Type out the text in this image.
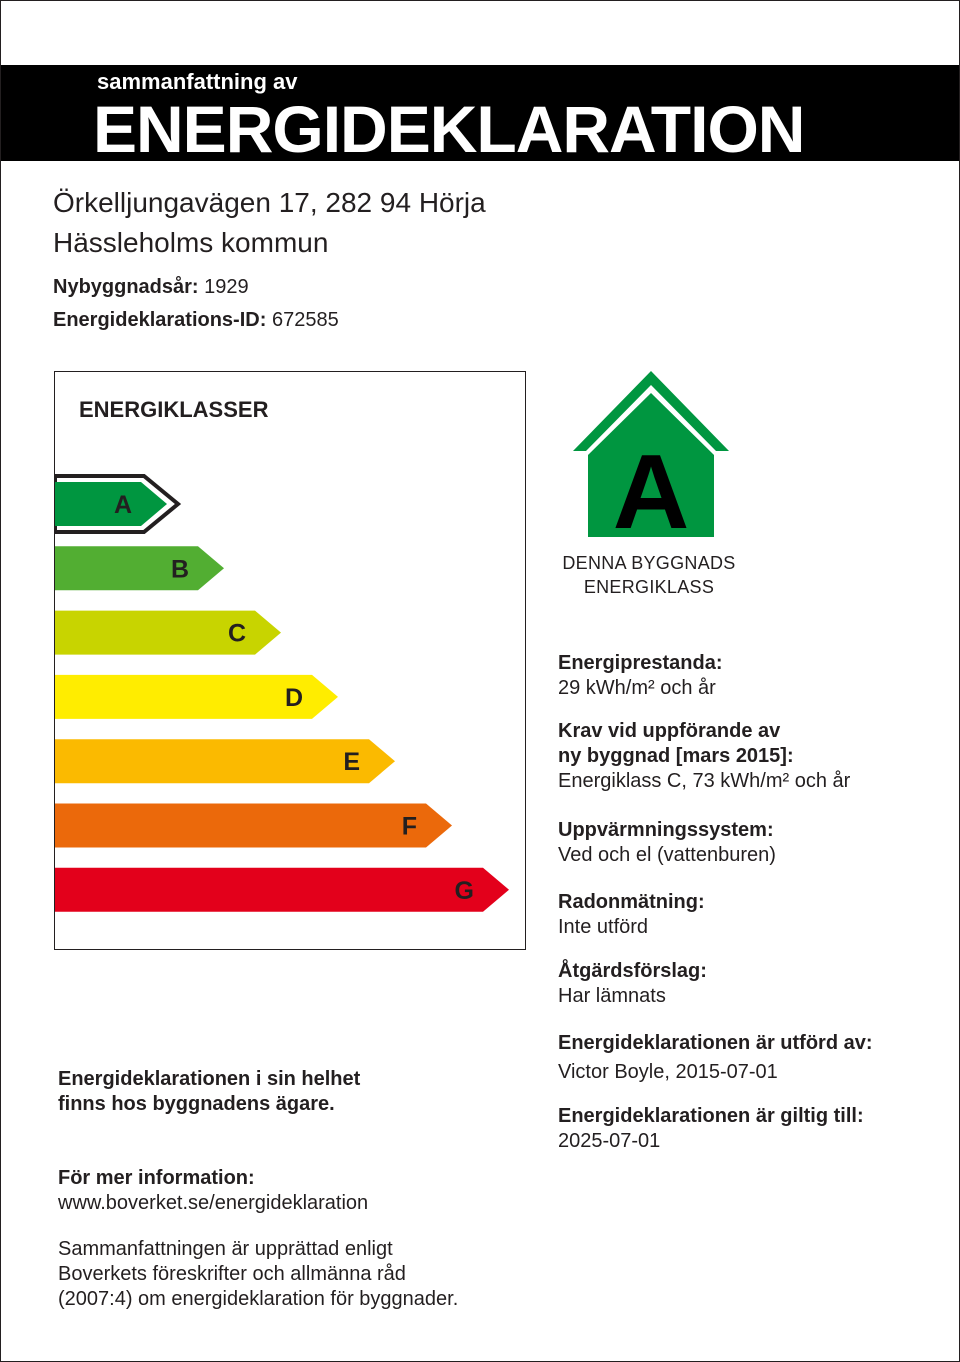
sammanfattning av
ENERGIDEKLARATION
Örkelljungavägen 17, 282 94 Hörja
Hässleholms kommun
Nybyggnadsår: 1929
Energideklarations-ID: 672585
ENERGIKLASSER
A
B
C
D
E
F
G
A
DENNA BYGGNADS
ENERGIKLASS
Energiprestanda:
29 kWh/m² och år
Krav vid uppförande av
ny byggnad [mars 2015]:
Energiklass C, 73 kWh/m² och år
Uppvärmningssystem:
Ved och el (vattenburen)
Radonmätning:
Inte utförd
Åtgärdsförslag:
Har lämnats
Energideklarationen är utförd av:
Victor Boyle, 2015-07-01
Energideklarationen är giltig till:
2025-07-01
Energideklarationen i sin helhet
finns hos byggnadens ägare.
För mer information:
www.boverket.se/energideklaration
Sammanfattningen är upprättad enligt
Boverkets föreskrifter och allmänna råd
(2007:4) om energideklaration för byggnader.
